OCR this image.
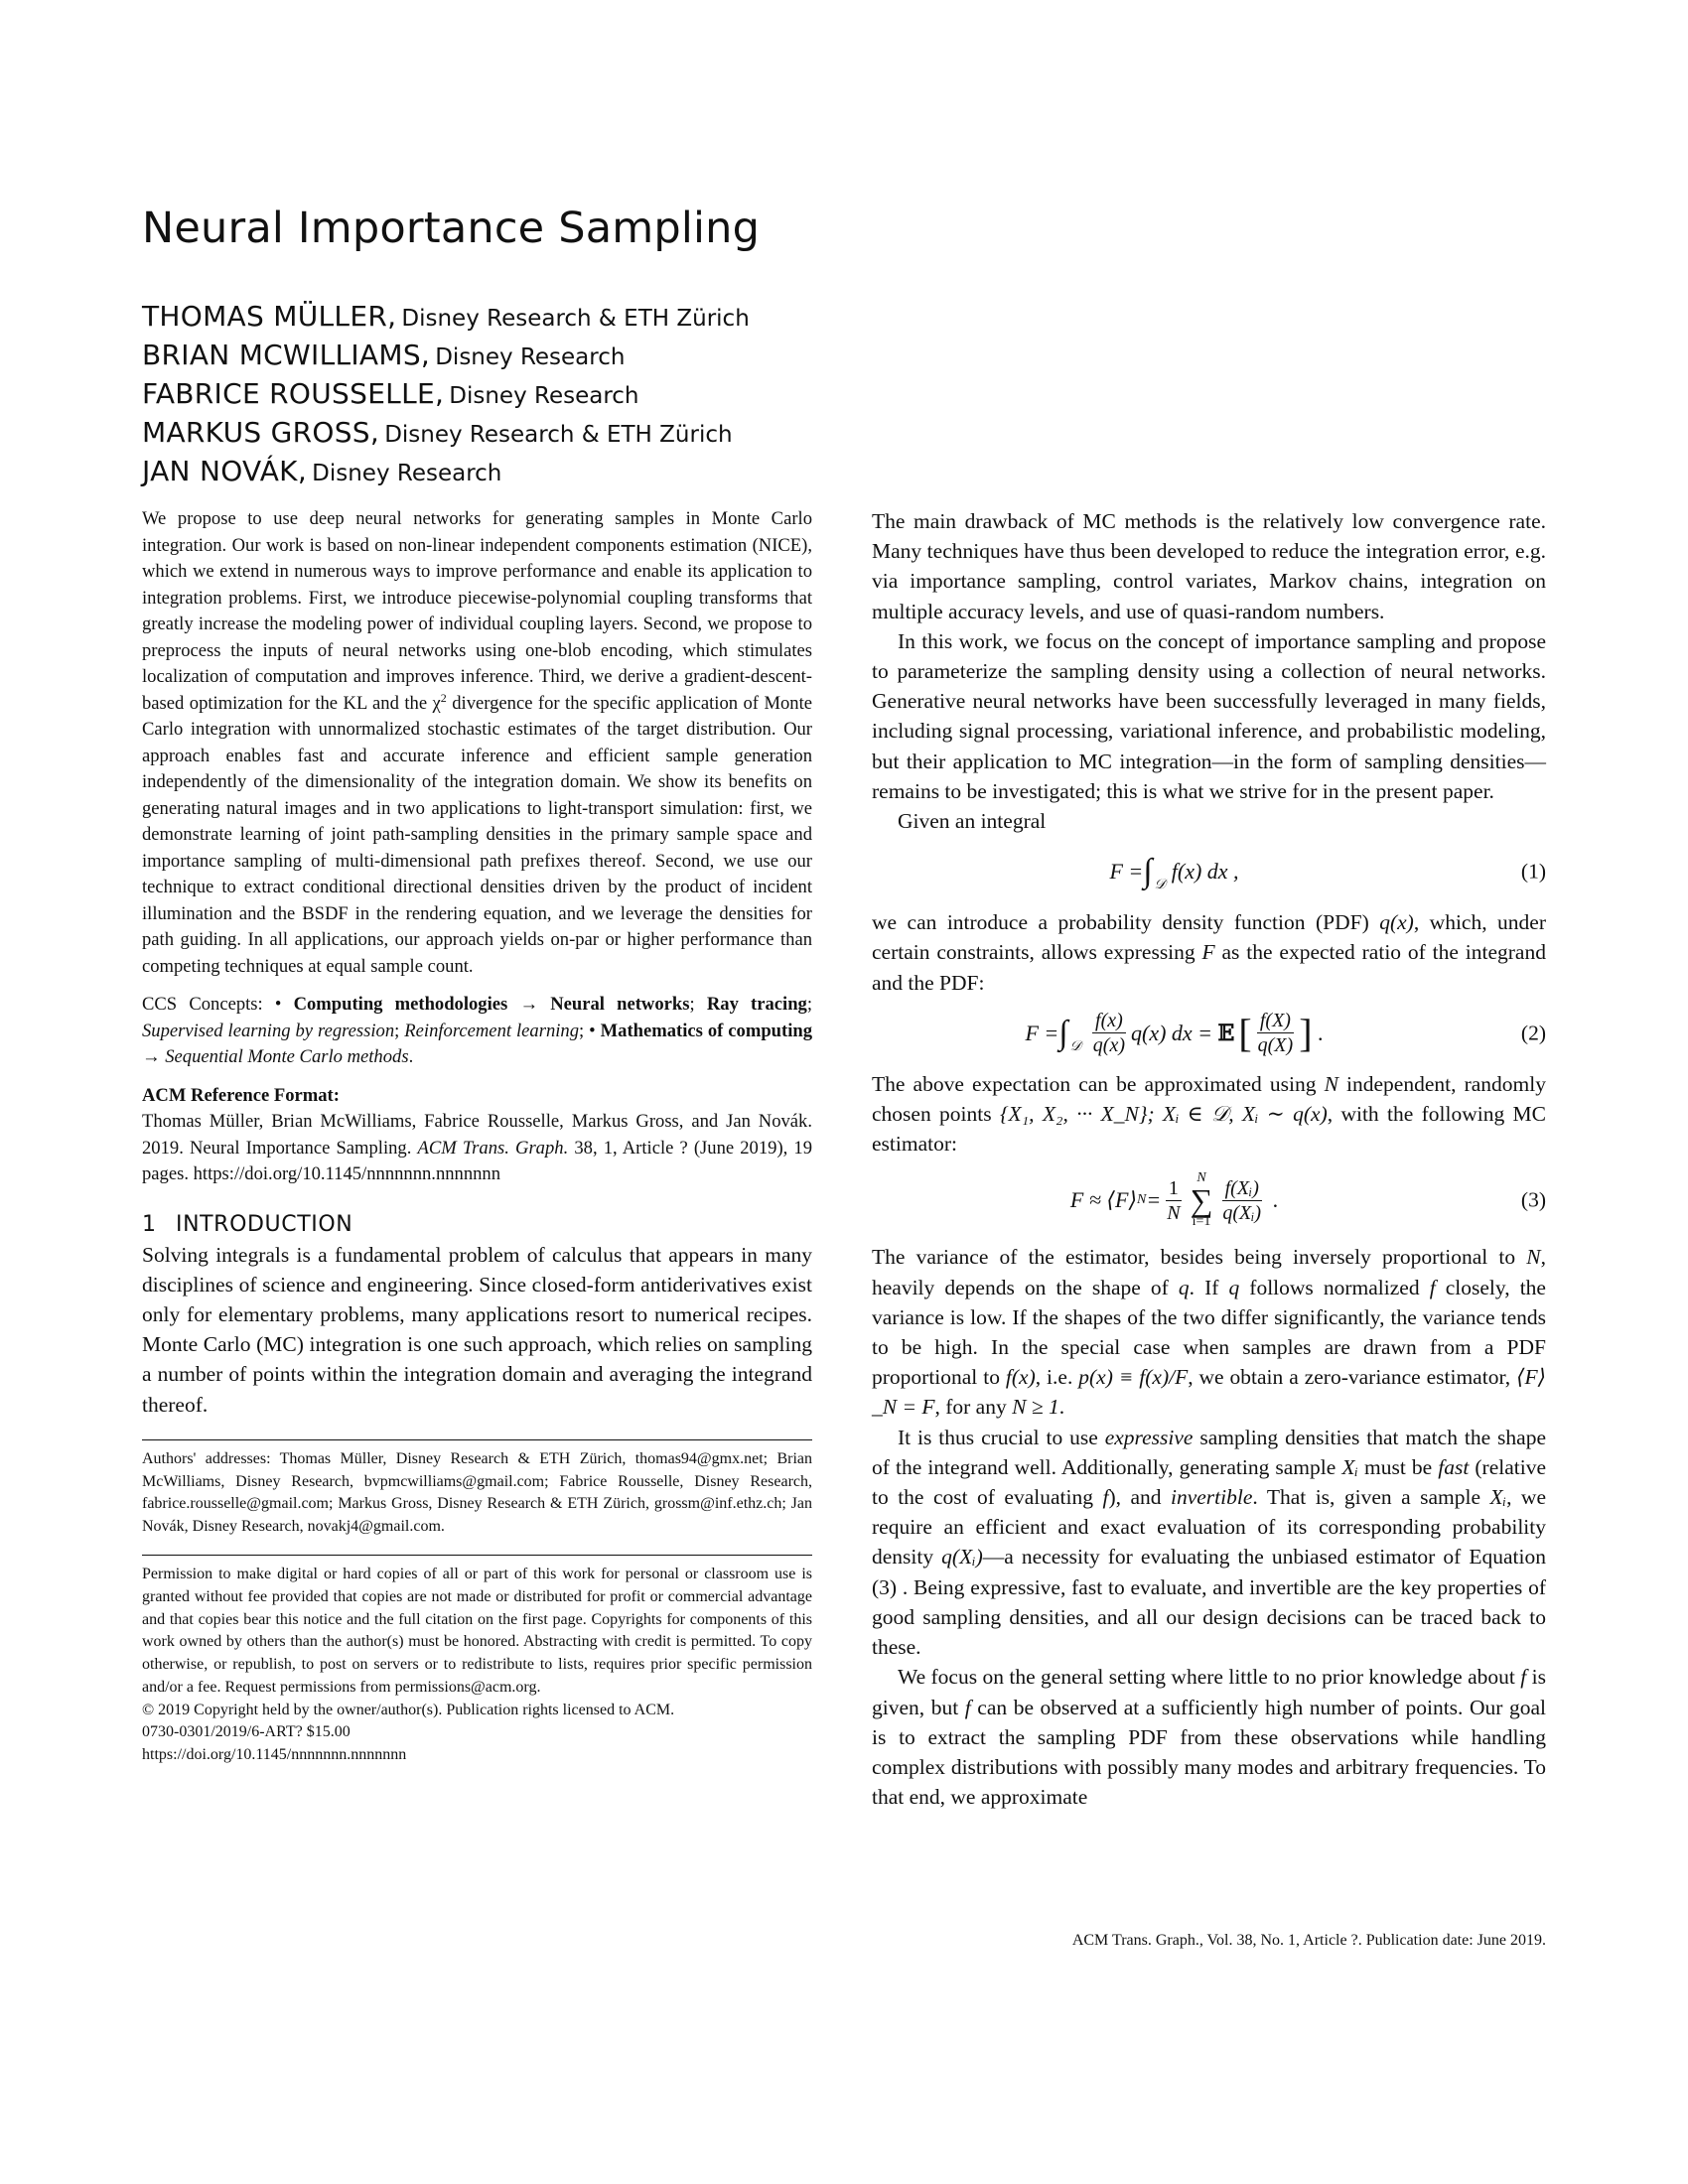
Neural Importance Sampling
THOMAS MÜLLER, Disney Research & ETH Zürich
BRIAN MCWILLIAMS, Disney Research
FABRICE ROUSSELLE, Disney Research
MARKUS GROSS, Disney Research & ETH Zürich
JAN NOVÁK, Disney Research

We propose to use deep neural networks for generating samples in Monte Carlo integration. Our work is based on non-linear independent components estimation (NICE), which we extend in numerous ways to improve performance and enable its application to integration problems. First, we introduce piecewise-polynomial coupling transforms that greatly increase the modeling power of individual coupling layers. Second, we propose to preprocess the inputs of neural networks using one-blob encoding, which stimulates localization of computation and improves inference. Third, we derive a gradient-descent-based optimization for the KL and the $\chi^2$ divergence for the specific application of Monte Carlo integration with unnormalized stochastic estimates of the target distribution. Our approach enables fast and accurate inference and efficient sample generation independently of the dimensionality of the integration domain. We show its benefits on generating natural images and in two applications to light-transport simulation: first, we demonstrate learning of joint path-sampling densities in the primary sample space and importance sampling of multi-dimensional path prefixes thereof. Second, we use our technique to extract conditional directional densities driven by the product of incident illumination and the BSDF in the rendering equation, and we leverage the densities for path guiding. In all applications, our approach yields on-par or higher performance than competing techniques at equal sample count.

CCS Concepts: • Computing methodologies → Neural networks; Ray tracing; Supervised learning by regression; Reinforcement learning; • Mathematics of computing → Sequential Monte Carlo methods.

ACM Reference Format:

Thomas Müller, Brian McWilliams, Fabrice Rousselle, Markus Gross, and Jan Novák. 2019. Neural Importance Sampling. ACM Trans. Graph. 38, 1, Article ? (June 2019), 19 pages. https://doi.org/10.1145/nnnnnnn.nnnnnnn

1 INTRODUCTION

Solving integrals is a fundamental problem of calculus that appears in many disciplines of science and engineering. Since closed-form antiderivatives exist only for elementary problems, many applications resort to numerical recipes. Monte Carlo (MC) integration is one such approach, which relies on sampling a number of points within the integration domain and averaging the integrand thereof.

Authors' addresses: Thomas Müller, Disney Research & ETH Zürich, thomas94@gmx.net; Brian McWilliams, Disney Research, bvpmcwilliams@gmail.com; Fabrice Rousselle, Disney Research, fabrice.rousselle@gmail.com; Markus Gross, Disney Research & ETH Zürich, grossm@inf.ethz.ch; Jan Novák, Disney Research, novakj4@gmail.com.

Permission to make digital or hard copies of all or part of this work for personal or classroom use is granted without fee provided that copies are not made or distributed for profit or commercial advantage and that copies bear this notice and the full citation on the first page. Copyrights for components of this work owned by others than the author(s) must be honored. Abstracting with credit is permitted. To copy otherwise, or republish, to post on servers or to redistribute to lists, requires prior specific permission and/or a fee. Request permissions from permissions@acm.org.

© 2019 Copyright held by the owner/author(s). Publication rights licensed to ACM.

0730-0301/2019/6-ART? $15.00

https://doi.org/10.1145/nnnnnnn.nnnnnnn

The main drawback of MC methods is the relatively low convergence rate. Many techniques have thus been developed to reduce the integration error, e.g. via importance sampling, control variates, Markov chains, integration on multiple accuracy levels, and use of quasi-random numbers.

In this work, we focus on the concept of importance sampling and propose to parameterize the sampling density using a collection of neural networks. Generative neural networks have been successfully leveraged in many fields, including signal processing, variational inference, and probabilistic modeling, but their application to MC integration—in the form of sampling densities—remains to be investigated; this is what we strive for in the present paper.

Given an integral

F = ∫ 𝒟
f(x) dx ,	(1)

we can introduce a probability density function (PDF) q(x), which, under certain constraints, allows expressing F as the expected ratio of the integrand and the PDF:

F = ∫ 𝒟 $\frac{f(x)}{q(x)} q(x)$ dx =
𝔼 [ $\frac{f(X)}{q(X)}$ ]
.	(2)

The above expectation can be approximated using N independent, randomly chosen points {X₁, X₂, ··· X_N}; Xᵢ ∈ 𝒟, Xᵢ ∼ q(x), with the following MC estimator:

F ≈ ⟨F⟩ $N = \frac{1}{N}$ N
∑
$i=1 \frac{\text{f(Xᵢ)}}{\text{q(Xᵢ)}}$
.	(3)

The variance of the estimator, besides being inversely proportional to N, heavily depends on the shape of q. If q follows normalized f closely, the variance is low. If the shapes of the two differ significantly, the variance tends to be high. In the special case when samples are drawn from a PDF proportional to f(x), i.e. p(x) ≡ f(x)/F, we obtain a zero-variance estimator, ⟨F⟩_N = F, for any N ≥ 1.

It is thus crucial to use expressive sampling densities that match the shape of the integrand well. Additionally, generating sample Xᵢ must be fast (relative to the cost of evaluating f), and invertible. That is, given a sample Xᵢ, we require an efficient and exact evaluation of its corresponding probability density q(Xᵢ)—a necessity for evaluating the unbiased estimator of Equation (3) . Being expressive, fast to evaluate, and invertible are the key properties of good sampling densities, and all our design decisions can be traced back to these.

We focus on the general setting where little to no prior knowledge about f is given, but f can be observed at a sufficiently high number of points. Our goal is to extract the sampling PDF from these observations while handling complex distributions with possibly many modes and arbitrary frequencies. To that end, we approximate

ACM Trans. Graph., Vol. 38, No. 1, Article ?. Publication date: June 2019.
